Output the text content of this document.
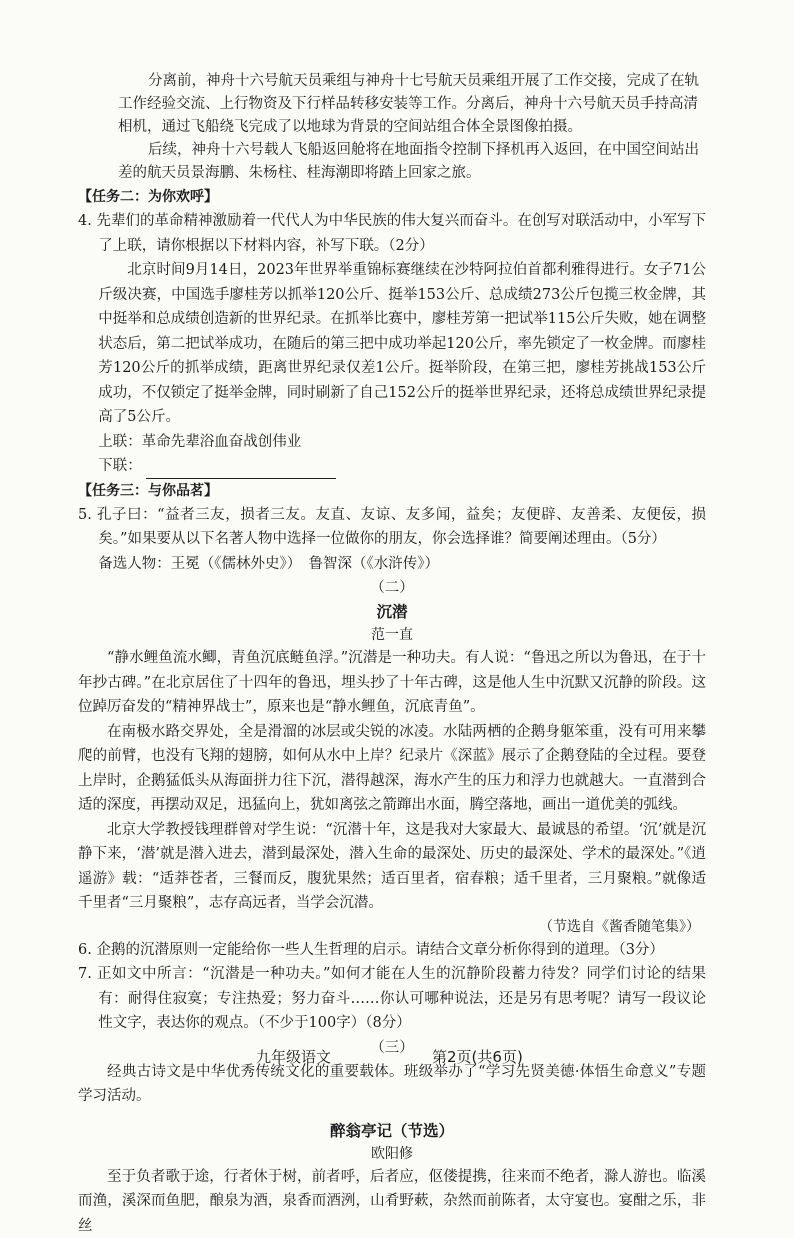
分离前，神舟十六号航天员乘组与神舟十七号航天员乘组开展了工作交接，完成了在轨

工作经验交流、上行物资及下行样品转移安装等工作。分离后，神舟十六号航天员手持高清

相机，通过飞船绕飞完成了以地球为背景的空间站组合体全景图像拍摄。

后续，神舟十六号载人飞船返回舱将在地面指令控制下择机再入返回，在中国空间站出

差的航天员景海鹏、朱杨柱、桂海潮即将踏上回家之旅。

【任务二：为你欢呼】

4. 先辈们的革命精神激励着一代代人为中华民族的伟大复兴而奋斗。在创写对联活动中，小军写下了上联，请你根据以下材料内容，补写下联。（2分）

北京时间9月14日，2023年世界举重锦标赛继续在沙特阿拉伯首都利雅得进行。女子71公斤级决赛，中国选手廖桂芳以抓举120公斤、挺举153公斤、总成绩273公斤包揽三枚金牌，其中挺举和总成绩创造新的世界纪录。在抓举比赛中，廖桂芳第一把试举115公斤失败，她在调整状态后，第二把试举成功，在随后的第三把中成功举起120公斤，率先锁定了一枚金牌。而廖桂芳120公斤的抓举成绩，距离世界纪录仅差1公斤。挺举阶段，在第三把，廖桂芳挑战153公斤成功，不仅锁定了挺举金牌，同时刷新了自己152公斤的挺举世界纪录，还将总成绩世界纪录提高了5公斤。

上联：革命先辈浴血奋战创伟业

下联：

【任务三：与你品茗】

5. 孔子曰：“益者三友，损者三友。友直、友谅、友多闻，益矣；友便辟、友善柔、友便佞，损矣。”如果要从以下名著人物中选择一位做你的朋友，你会选择谁？简要阐述理由。（5分）

备选人物：王冕（《儒林外史》）　鲁智深（《水浒传》）

（二）

沉潜

范一直

“静水鲤鱼流水鲫，青鱼沉底鲢鱼浮。”沉潜是一种功夫。有人说：“鲁迅之所以为鲁迅，在于十年抄古碑。”在北京居住了十四年的鲁迅，埋头抄了十年古碑，这是他人生中沉默又沉静的阶段。这位踔厉奋发的“精神界战士”，原来也是“静水鲤鱼，沉底青鱼”。

在南极水路交界处，全是滑溜的冰层或尖锐的冰凌。水陆两栖的企鹅身躯笨重，没有可用来攀爬的前臂，也没有飞翔的翅膀，如何从水中上岸？纪录片《深蓝》展示了企鹅登陆的全过程。要登上岸时，企鹅猛低头从海面拼力往下沉，潜得越深，海水产生的压力和浮力也就越大。一直潜到合适的深度，再摆动双足，迅猛向上，犹如离弦之箭蹿出水面，腾空落地，画出一道优美的弧线。

北京大学教授钱理群曾对学生说：“沉潜十年，这是我对大家最大、最诚恳的希望。‘沉’就是沉静下来，‘潜’就是潜入进去，潜到最深处，潜入生命的最深处、历史的最深处、学术的最深处。”《逍遥游》载：“适莽苍者，三餐而反，腹犹果然；适百里者，宿春粮；适千里者，三月聚粮。”就像适千里者“三月聚粮”，志存高远者，当学会沉潜。

（节选自《酱香随笔集》）

6. 企鹅的沉潜原则一定能给你一些人生哲理的启示。请结合文章分析你得到的道理。（3分）

7. 正如文中所言：“沉潜是一种功夫。”如何才能在人生的沉静阶段蓄力待发？同学们讨论的结果有：耐得住寂寞；专注热爱；努力奋斗……你认可哪种说法，还是另有思考呢？请写一段议论性文字，表达你的观点。（不少于100字）（8分）

（三）

经典古诗文是中华优秀传统文化的重要载体。班级举办了“学习先贤美德·体悟生命意义”专题学习活动。

醉翁亭记（节选）

欧阳修

至于负者歌于途，行者休于树，前者呼，后者应，伛偻提携，往来而不绝者，滁人游也。临溪而渔，溪深而鱼肥，酿泉为酒，泉香而酒洌，山肴野蔌，杂然而前陈者，太守宴也。宴酣之乐，非丝

九年级语文	第2页(共6页)
